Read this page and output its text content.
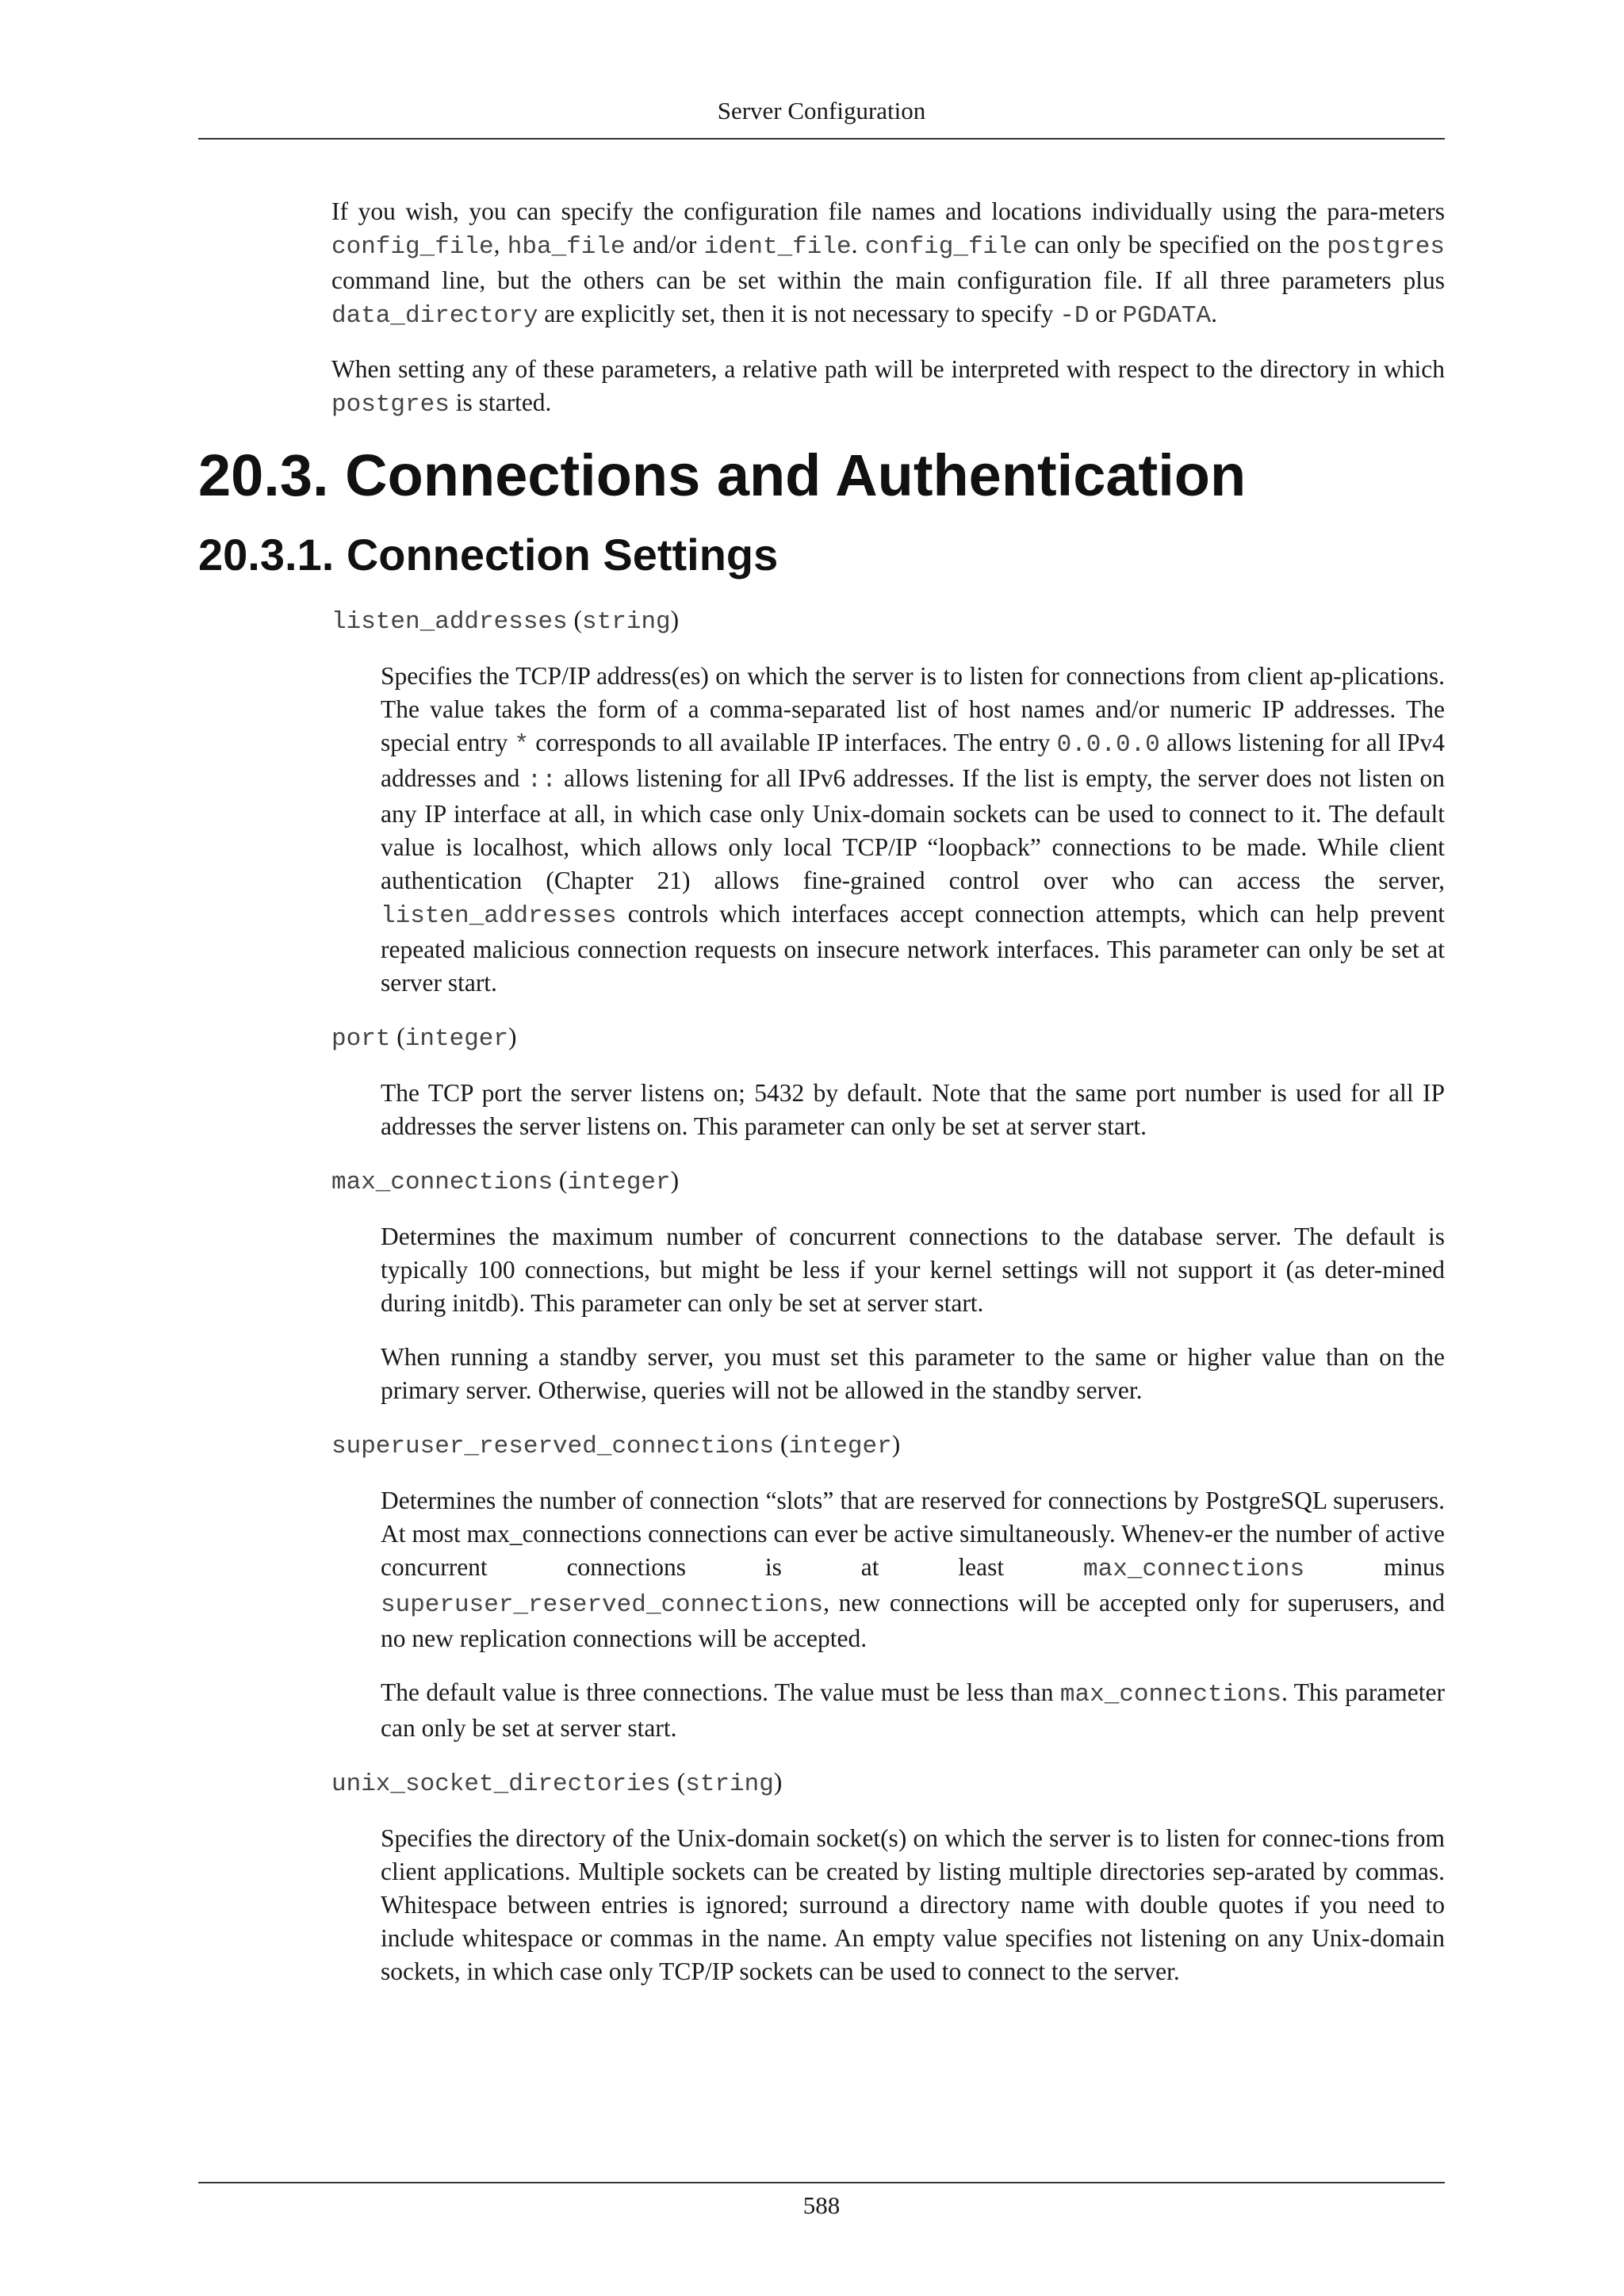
Server Configuration

If you wish, you can specify the configuration file names and locations individually using the para-meters config_file, hba_file and/or ident_file. config_file can only be specified on the postgres command line, but the others can be set within the main configuration file. If all three parameters plus data_directory are explicitly set, then it is not necessary to specify -D or PGDATA.

When setting any of these parameters, a relative path will be interpreted with respect to the directory in which postgres is started.

20.3. Connections and Authentication
20.3.1. Connection Settings
listen_addresses (string)

Specifies the TCP/IP address(es) on which the server is to listen for connections from client ap-plications. The value takes the form of a comma-separated list of host names and/or numeric IP addresses. The special entry * corresponds to all available IP interfaces. The entry 0.0.0.0 allows listening for all IPv4 addresses and :: allows listening for all IPv6 addresses. If the list is empty, the server does not listen on any IP interface at all, in which case only Unix-domain sockets can be used to connect to it. The default value is localhost, which allows only local TCP/IP “loopback” connections to be made. While client authentication (Chapter 21) allows fine-grained control over who can access the server, listen_addresses controls which interfaces accept connection attempts, which can help prevent repeated malicious connection requests on insecure network interfaces. This parameter can only be set at server start.

port (integer)

The TCP port the server listens on; 5432 by default. Note that the same port number is used for all IP addresses the server listens on. This parameter can only be set at server start.

max_connections (integer)

Determines the maximum number of concurrent connections to the database server. The default is typically 100 connections, but might be less if your kernel settings will not support it (as deter-mined during initdb). This parameter can only be set at server start.

When running a standby server, you must set this parameter to the same or higher value than on the primary server. Otherwise, queries will not be allowed in the standby server.

superuser_reserved_connections (integer)

Determines the number of connection “slots” that are reserved for connections by PostgreSQL superusers. At most max_connections connections can ever be active simultaneously. Whenev-er the number of active concurrent connections is at least max_connections minus superuser_reserved_connections, new connections will be accepted only for superusers, and no new replication connections will be accepted.

The default value is three connections. The value must be less than max_connections. This parameter can only be set at server start.

unix_socket_directories (string)

Specifies the directory of the Unix-domain socket(s) on which the server is to listen for connec-tions from client applications. Multiple sockets can be created by listing multiple directories sep-arated by commas. Whitespace between entries is ignored; surround a directory name with double quotes if you need to include whitespace or commas in the name. An empty value specifies not listening on any Unix-domain sockets, in which case only TCP/IP sockets can be used to connect to the server.

588
